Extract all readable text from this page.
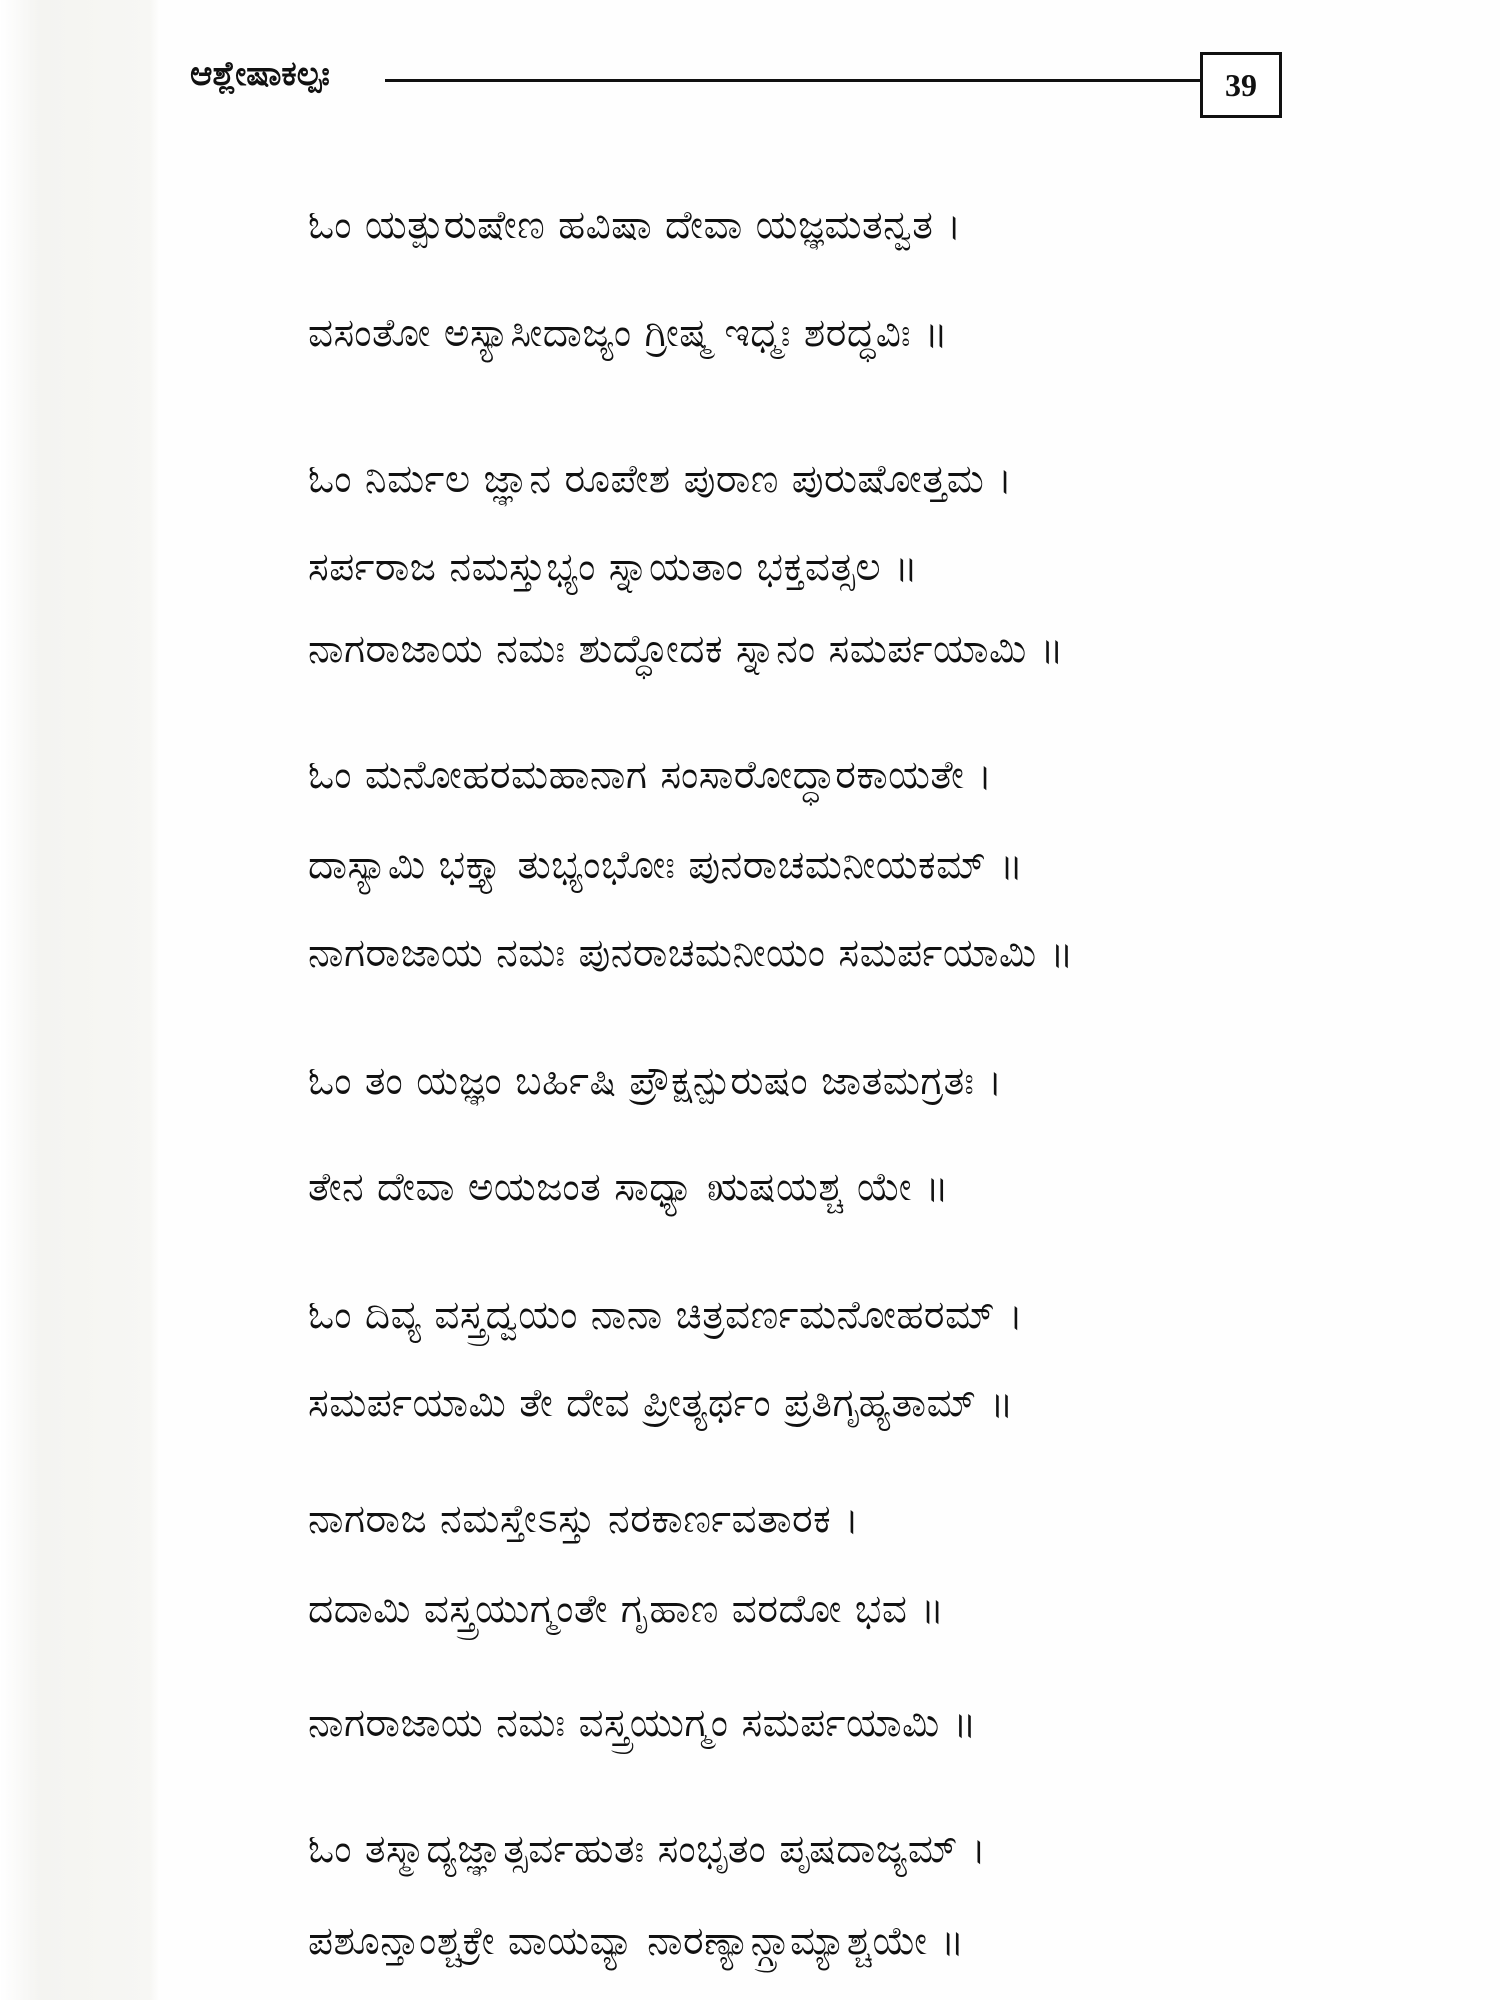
ಆಶ್ಲೇಷಾಕಲ್ಪಃ	39
ಓಂ ಯತ್ಪುರುಷೇಣ ಹವಿಷಾ ದೇವಾ ಯಜ್ಞಮತನ್ವತ ।
ವಸಂತೋ ಅಸ್ಯಾಸೀದಾಜ್ಯಂ ಗ್ರೀಷ್ಮ ಇಧ್ಮಃ ಶರದ್ಧವಿಃ ॥
ಓಂ ನಿರ್ಮಲ ಜ್ಞಾನ ರೂಪೇಶ ಪುರಾಣ ಪುರುಷೋತ್ತಮ ।
ಸರ್ಪರಾಜ ನಮಸ್ತುಭ್ಯಂ ಸ್ನಾಯತಾಂ ಭಕ್ತವತ್ಸಲ ॥
ನಾಗರಾಜಾಯ ನಮಃ ಶುದ್ಧೋದಕ ಸ್ನಾನಂ ಸಮರ್ಪಯಾಮಿ ॥
ಓಂ ಮನೋಹರಮಹಾನಾಗ ಸಂಸಾರೋದ್ಧಾರಕಾಯತೇ ।
ದಾಸ್ಯಾಮಿ ಭಕ್ತ್ಯಾ ತುಭ್ಯಂಭೋಃ ಪುನರಾಚಮನೀಯಕಮ್ ॥
ನಾಗರಾಜಾಯ ನಮಃ ಪುನರಾಚಮನೀಯಂ ಸಮರ್ಪಯಾಮಿ ॥
ಓಂ ತಂ ಯಜ್ಞಂ ಬರ್ಹಿಷಿ ಪ್ರೌಕ್ಷನ್ಪುರುಷಂ ಜಾತಮಗ್ರತಃ ।
ತೇನ ದೇವಾ ಅಯಜಂತ ಸಾಧ್ಯಾ ಋಷಯಶ್ಚ ಯೇ ॥
ಓಂ ದಿವ್ಯ ವಸ್ತ್ರದ್ವಯಂ ನಾನಾ ಚಿತ್ರವರ್ಣಮನೋಹರಮ್ ।
ಸಮರ್ಪಯಾಮಿ ತೇ ದೇವ ಪ್ರೀತ್ಯರ್ಥಂ ಪ್ರತಿಗೃಹ್ಯತಾಮ್ ॥
ನಾಗರಾಜ ನಮಸ್ತೇಽಸ್ತು ನರಕಾರ್ಣವತಾರಕ ।
ದದಾಮಿ ವಸ್ತ್ರಯುಗ್ಮಂತೇ ಗೃಹಾಣ ವರದೋ ಭವ ॥
ನಾಗರಾಜಾಯ ನಮಃ ವಸ್ತ್ರಯುಗ್ಮಂ ಸಮರ್ಪಯಾಮಿ ॥
ಓಂ ತಸ್ಮಾದ್ಯಜ್ಞಾತ್ಸರ್ವಹುತಃ ಸಂಭೃತಂ ಪೃಷದಾಜ್ಯಮ್ ।
ಪಶೂನ್ತಾಂಶ್ಚಕ್ರೇ ವಾಯವ್ಯಾ ನಾರಣ್ಯಾನ್ಗ್ರಾಮ್ಯಾಶ್ಚಯೇ ॥
